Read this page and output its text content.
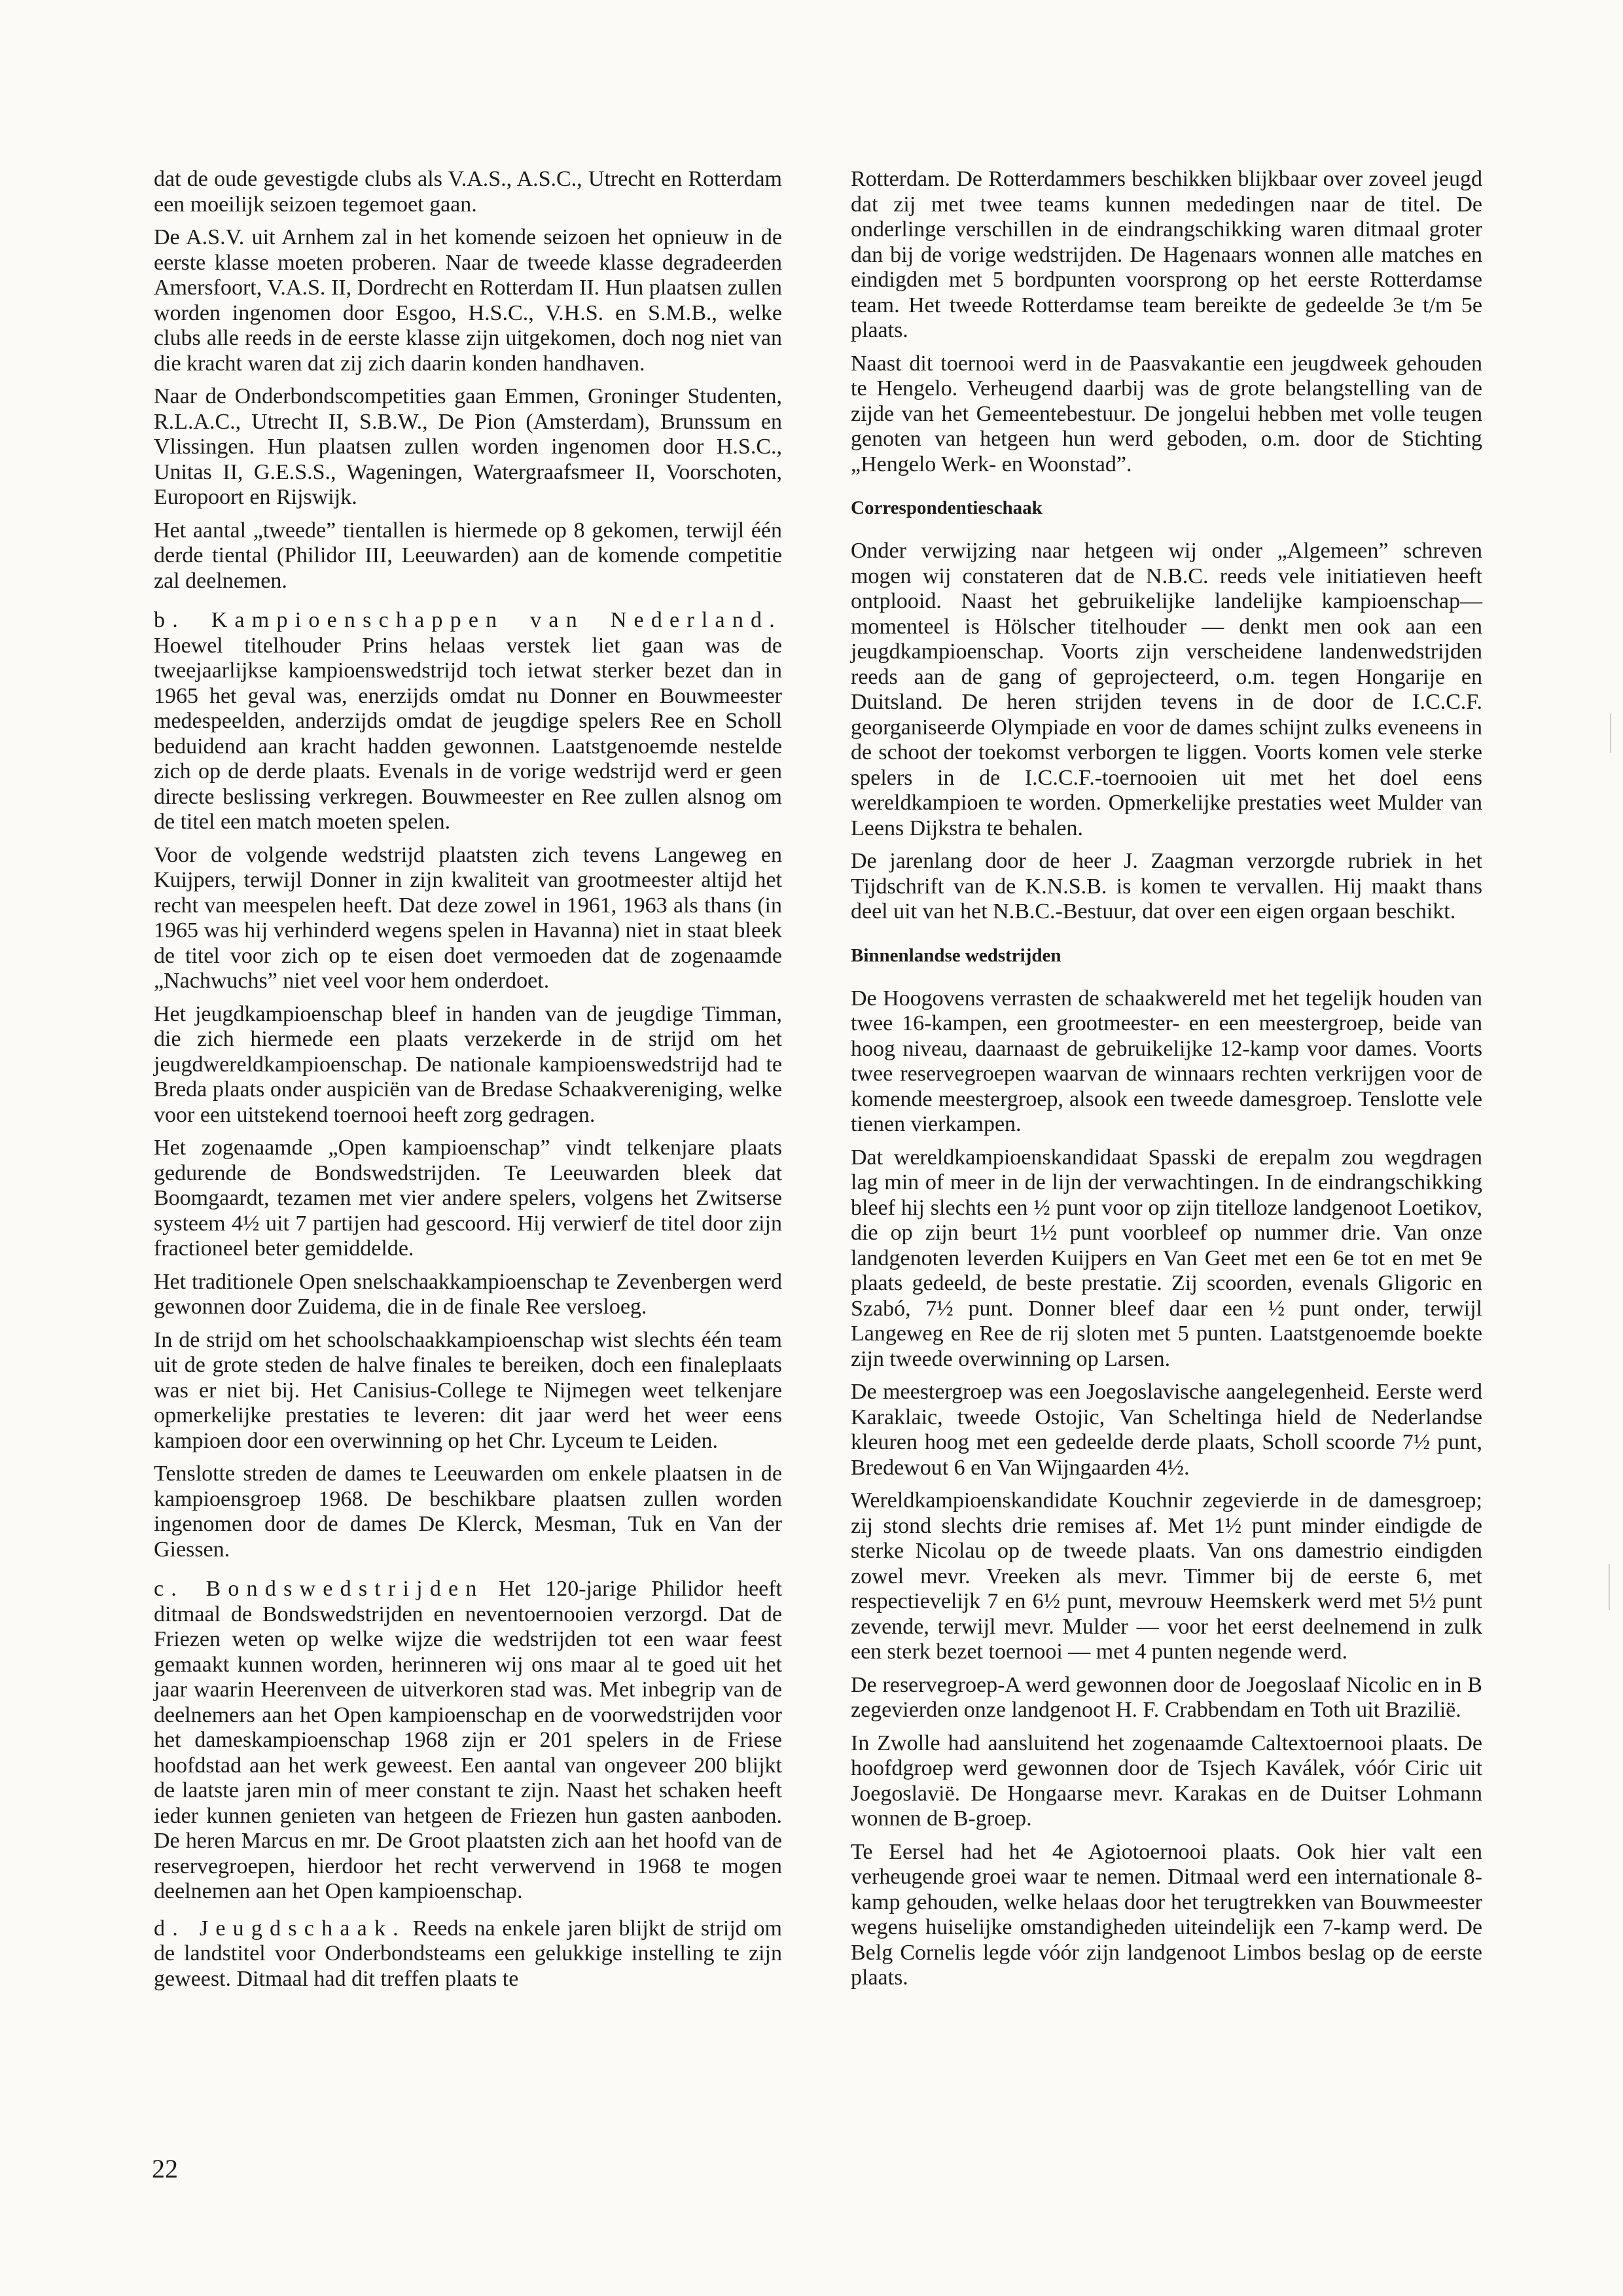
dat de oude gevestigde clubs als V.A.S., A.S.C., Utrecht en Rotterdam een moeilijk seizoen tegemoet gaan.

De A.S.V. uit Arnhem zal in het komende seizoen het opnieuw in de eerste klasse moeten proberen. Naar de tweede klasse degradeerden Amersfoort, V.A.S. II, Dordrecht en Rotterdam II. Hun plaatsen zullen worden ingenomen door Esgoo, H.S.C., V.H.S. en S.M.B., welke clubs alle reeds in de eerste klasse zijn uitgekomen, doch nog niet van die kracht waren dat zij zich daarin konden handhaven.

Naar de Onderbondscompetities gaan Emmen, Groninger Studenten, R.L.A.C., Utrecht II, S.B.W., De Pion (Amsterdam), Brunssum en Vlissingen. Hun plaatsen zullen worden ingenomen door H.S.C., Unitas II, G.E.S.S., Wageningen, Watergraafsmeer II, Voorschoten, Europoort en Rijswijk.

Het aantal „tweede” tientallen is hiermede op 8 gekomen, terwijl één derde tiental (Philidor III, Leeuwarden) aan de komende competitie zal deelnemen.

b. Kampioenschappen van Nederland. Hoewel titelhouder Prins helaas verstek liet gaan was de tweejaarlijkse kampioenswedstrijd toch ietwat sterker bezet dan in 1965 het geval was, enerzijds omdat nu Donner en Bouwmeester medespeelden, anderzijds omdat de jeugdige spelers Ree en Scholl beduidend aan kracht hadden gewonnen. Laatstgenoemde nestelde zich op de derde plaats. Evenals in de vorige wedstrijd werd er geen directe beslissing verkregen. Bouwmeester en Ree zullen alsnog om de titel een match moeten spelen.

Voor de volgende wedstrijd plaatsten zich tevens Langeweg en Kuijpers, terwijl Donner in zijn kwaliteit van grootmeester altijd het recht van meespelen heeft. Dat deze zowel in 1961, 1963 als thans (in 1965 was hij verhinderd wegens spelen in Havanna) niet in staat bleek de titel voor zich op te eisen doet vermoeden dat de zogenaamde „Nachwuchs” niet veel voor hem onderdoet.

Het jeugdkampioenschap bleef in handen van de jeugdige Timman, die zich hiermede een plaats verzekerde in de strijd om het jeugdwereldkampioenschap. De nationale kampioenswedstrijd had te Breda plaats onder auspiciën van de Bredase Schaakvereniging, welke voor een uitstekend toernooi heeft zorg gedragen.

Het zogenaamde „Open kampioenschap” vindt telkenjare plaats gedurende de Bondswedstrijden. Te Leeuwarden bleek dat Boomgaardt, tezamen met vier andere spelers, volgens het Zwitserse systeem 4½ uit 7 partijen had gescoord. Hij verwierf de titel door zijn fractioneel beter gemiddelde.

Het traditionele Open snelschaakkampioenschap te Zevenbergen werd gewonnen door Zuidema, die in de finale Ree versloeg.

In de strijd om het schoolschaakkampioenschap wist slechts één team uit de grote steden de halve finales te bereiken, doch een finaleplaats was er niet bij. Het Canisius-College te Nijmegen weet telkenjare opmerkelijke prestaties te leveren: dit jaar werd het weer eens kampioen door een overwinning op het Chr. Lyceum te Leiden.

Tenslotte streden de dames te Leeuwarden om enkele plaatsen in de kampioensgroep 1968. De beschikbare plaatsen zullen worden ingenomen door de dames De Klerck, Mesman, Tuk en Van der Giessen.

c. Bondswedstrijden Het 120-jarige Philidor heeft ditmaal de Bondswedstrijden en neventoernooien verzorgd. Dat de Friezen weten op welke wijze die wedstrijden tot een waar feest gemaakt kunnen worden, herinneren wij ons maar al te goed uit het jaar waarin Heerenveen de uitverkoren stad was. Met inbegrip van de deelnemers aan het Open kampioenschap en de voorwedstrijden voor het dameskampioenschap 1968 zijn er 201 spelers in de Friese hoofdstad aan het werk geweest. Een aantal van ongeveer 200 blijkt de laatste jaren min of meer constant te zijn. Naast het schaken heeft ieder kunnen genieten van hetgeen de Friezen hun gasten aanboden. De heren Marcus en mr. De Groot plaatsten zich aan het hoofd van de reservegroepen, hierdoor het recht verwervend in 1968 te mogen deelnemen aan het Open kampioenschap.

d. Jeugdschaak. Reeds na enkele jaren blijkt de strijd om de landstitel voor Onderbondsteams een gelukkige instelling te zijn geweest. Ditmaal had dit treffen plaats te

Rotterdam. De Rotterdammers beschikken blijkbaar over zoveel jeugd dat zij met twee teams kunnen mededingen naar de titel. De onderlinge verschillen in de eindrangschikking waren ditmaal groter dan bij de vorige wedstrijden. De Hagenaars wonnen alle matches en eindigden met 5 bordpunten voorsprong op het eerste Rotterdamse team. Het tweede Rotterdamse team bereikte de gedeelde 3e t/m 5e plaats.

Naast dit toernooi werd in de Paasvakantie een jeugdweek gehouden te Hengelo. Verheugend daarbij was de grote belangstelling van de zijde van het Gemeentebestuur. De jongelui hebben met volle teugen genoten van hetgeen hun werd geboden, o.m. door de Stichting „Hengelo Werk- en Woonstad”.

Correspondentieschaak

Onder verwijzing naar hetgeen wij onder „Algemeen” schreven mogen wij constateren dat de N.B.C. reeds vele initiatieven heeft ontplooid. Naast het gebruikelijke landelijke kampioenschap— momenteel is Hölscher titelhouder — denkt men ook aan een jeugdkampioenschap. Voorts zijn verscheidene landenwedstrijden reeds aan de gang of geprojecteerd, o.m. tegen Hongarije en Duitsland. De heren strijden tevens in de door de I.C.C.F. georganiseerde Olympiade en voor de dames schijnt zulks eveneens in de schoot der toekomst verborgen te liggen. Voorts komen vele sterke spelers in de I.C.C.F.-toernooien uit met het doel eens wereldkampioen te worden. Opmerkelijke prestaties weet Mulder van Leens Dijkstra te behalen.

De jarenlang door de heer J. Zaagman verzorgde rubriek in het Tijdschrift van de K.N.S.B. is komen te vervallen. Hij maakt thans deel uit van het N.B.C.-Bestuur, dat over een eigen orgaan beschikt.

Binnenlandse wedstrijden

De Hoogovens verrasten de schaakwereld met het tegelijk houden van twee 16-kampen, een grootmeester- en een meestergroep, beide van hoog niveau, daarnaast de gebruikelijke 12-kamp voor dames. Voorts twee reservegroepen waarvan de winnaars rechten verkrijgen voor de komende meestergroep, alsook een tweede damesgroep. Tenslotte vele tienen vierkampen.

Dat wereldkampioenskandidaat Spasski de erepalm zou wegdragen lag min of meer in de lijn der verwachtingen. In de eindrangschikking bleef hij slechts een ½ punt voor op zijn titelloze landgenoot Loetikov, die op zijn beurt 1½ punt voorbleef op nummer drie. Van onze landgenoten leverden Kuijpers en Van Geet met een 6e tot en met 9e plaats gedeeld, de beste prestatie. Zij scoorden, evenals Gligoric en Szabó, 7½ punt. Donner bleef daar een ½ punt onder, terwijl Langeweg en Ree de rij sloten met 5 punten. Laatstgenoemde boekte zijn tweede overwinning op Larsen.

De meestergroep was een Joegoslavische aangelegenheid. Eerste werd Karaklaic, tweede Ostojic, Van Scheltinga hield de Nederlandse kleuren hoog met een gedeelde derde plaats, Scholl scoorde 7½ punt, Bredewout 6 en Van Wijngaarden 4½.

Wereldkampioenskandidate Kouchnir zegevierde in de damesgroep; zij stond slechts drie remises af. Met 1½ punt minder eindigde de sterke Nicolau op de tweede plaats. Van ons damestrio eindigden zowel mevr. Vreeken als mevr. Timmer bij de eerste 6, met respectievelijk 7 en 6½ punt, mevrouw Heemskerk werd met 5½ punt zevende, terwijl mevr. Mulder — voor het eerst deelnemend in zulk een sterk bezet toernooi — met 4 punten negende werd.

De reservegroep-A werd gewonnen door de Joegoslaaf Nicolic en in B zegevierden onze landgenoot H. F. Crabbendam en Toth uit Brazilië.

In Zwolle had aansluitend het zogenaamde Caltextoernooi plaats. De hoofdgroep werd gewonnen door de Tsjech Kaválek, vóór Ciric uit Joegoslavië. De Hongaarse mevr. Karakas en de Duitser Lohmann wonnen de B-groep.

Te Eersel had het 4e Agiotoernooi plaats. Ook hier valt een verheugende groei waar te nemen. Ditmaal werd een internationale 8-kamp gehouden, welke helaas door het terugtrekken van Bouwmeester wegens huiselijke omstandigheden uiteindelijk een 7-kamp werd. De Belg Cornelis legde vóór zijn landgenoot Limbos beslag op de eerste plaats.

22
